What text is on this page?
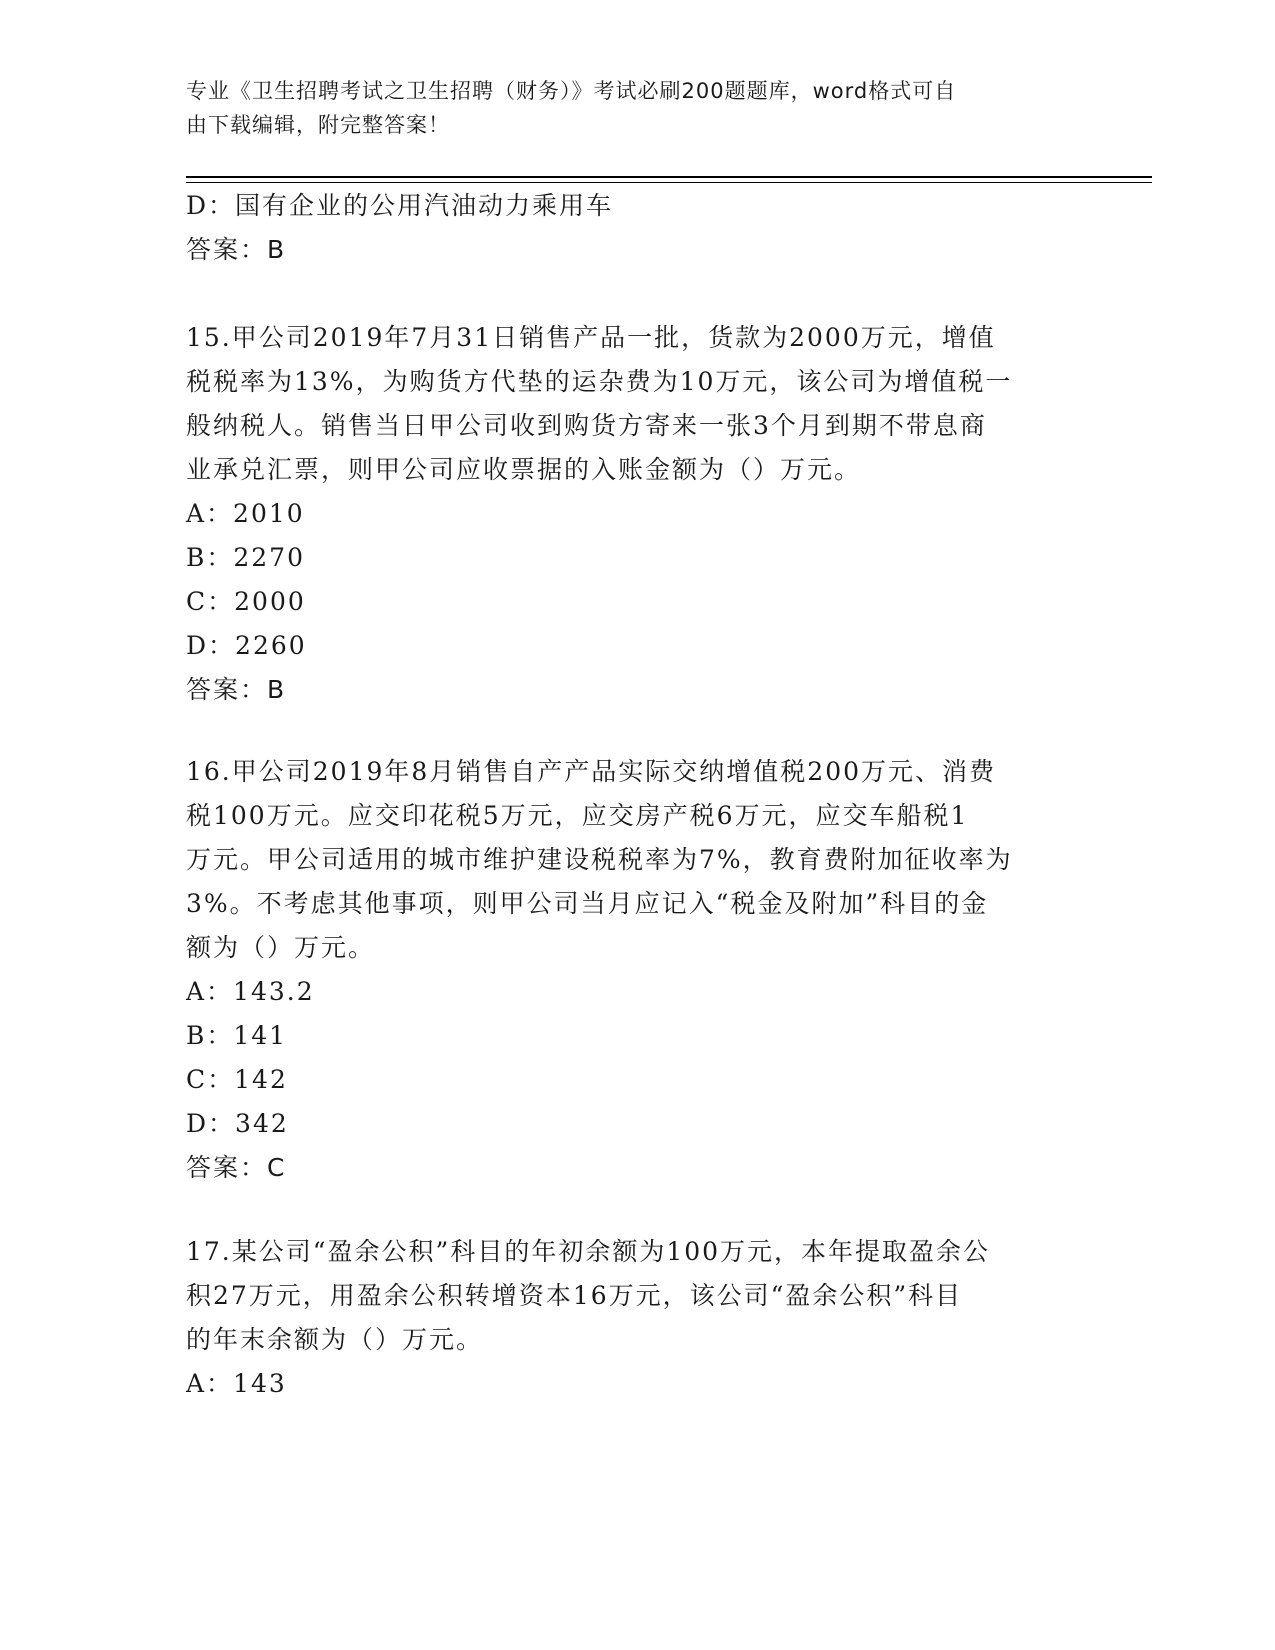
专业《卫生招聘考试之卫生招聘（财务）》考试必刷200题题库，word格式可自
由下载编辑，附完整答案！
D：国有企业的公用汽油动力乘用车
答案：B
15.甲公司2019年7月31日销售产品一批，货款为2000万元，增值
税税率为13%，为购货方代垫的运杂费为10万元，该公司为增值税一
般纳税人。销售当日甲公司收到购货方寄来一张3个月到期不带息商
业承兑汇票，则甲公司应收票据的入账金额为（）万元。
A：2010
B：2270
C：2000
D：2260
答案：B
16.甲公司2019年8月销售自产产品实际交纳增值税200万元、消费
税100万元。应交印花税5万元，应交房产税6万元，应交车船税1
万元。甲公司适用的城市维护建设税税率为7%，教育费附加征收率为
3%。不考虑其他事项，则甲公司当月应记入“税金及附加”科目的金
额为（）万元。
A：143.2
B：141
C：142
D：342
答案：C
17.某公司“盈余公积”科目的年初余额为100万元，本年提取盈余公
积27万元，用盈余公积转增资本16万元，该公司“盈余公积”科目
的年末余额为（）万元。
A：143
